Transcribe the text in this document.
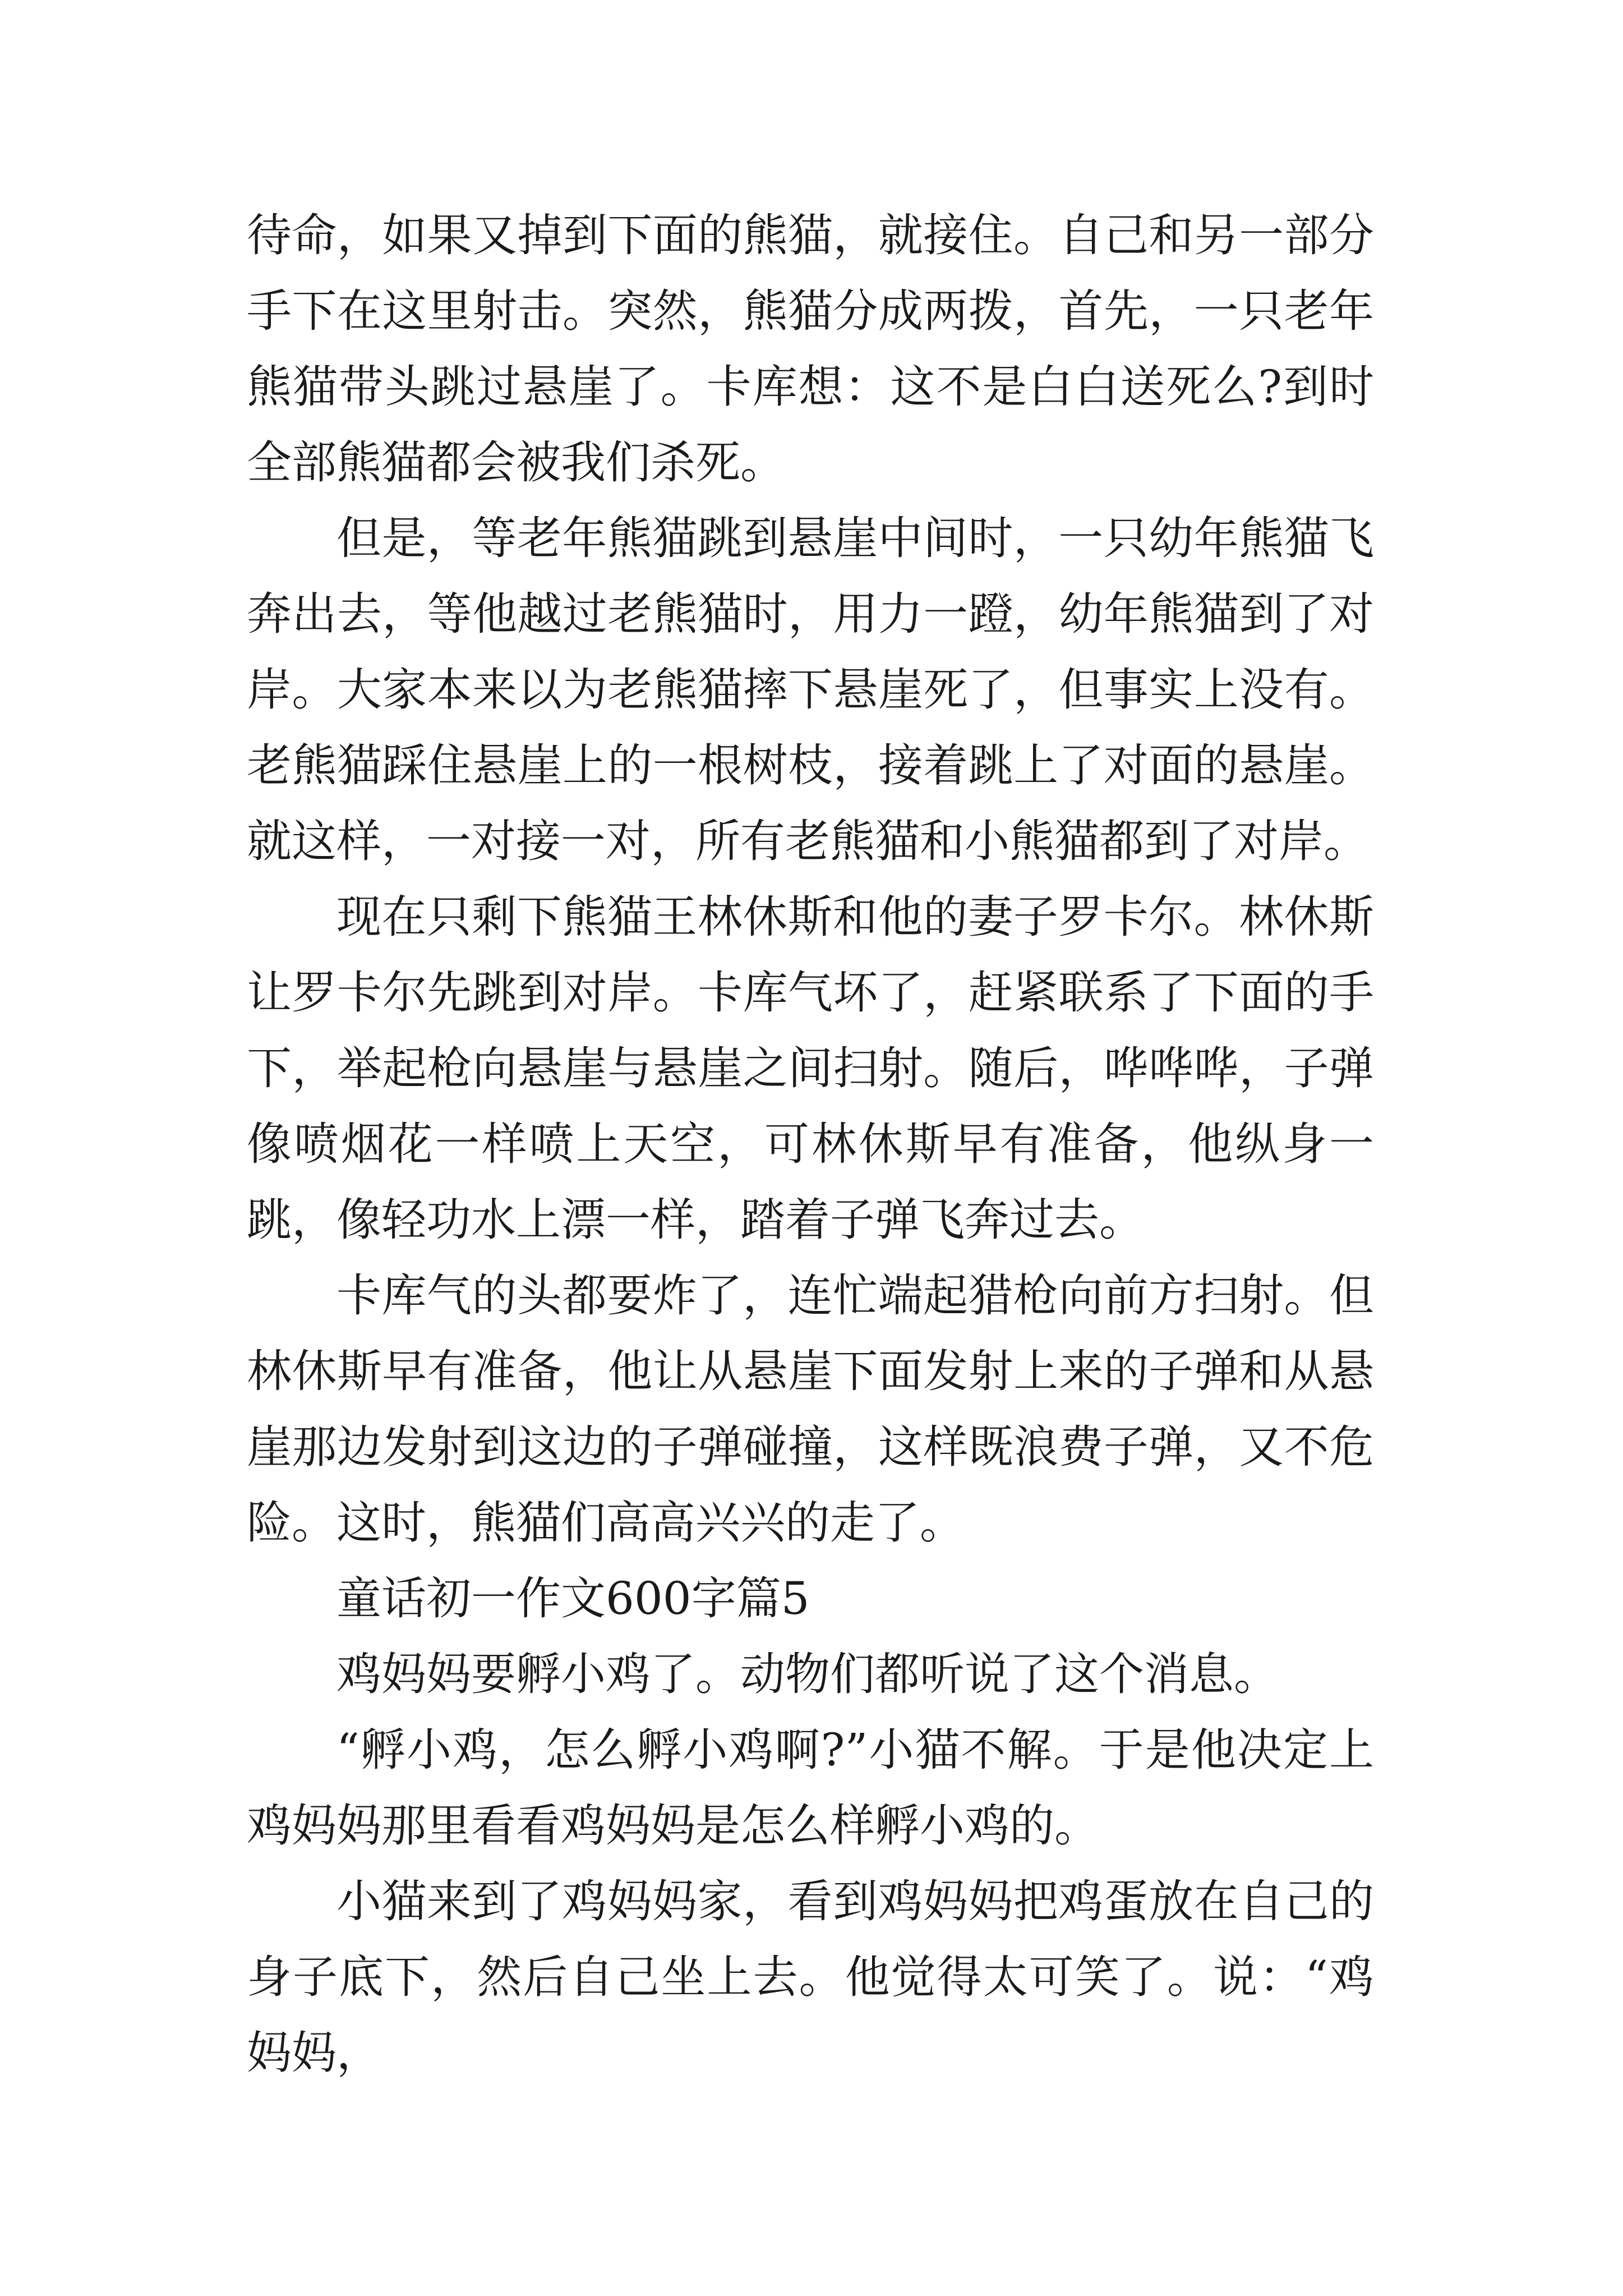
待命，如果又掉到下面的熊猫，就接住。自己和另一部分手下在这里射击。突然，熊猫分成两拨，首先，一只老年熊猫带头跳过悬崖了。卡库想：这不是白白送死么?到时全部熊猫都会被我们杀死。

但是，等老年熊猫跳到悬崖中间时，一只幼年熊猫飞奔出去，等他越过老熊猫时，用力一蹬，幼年熊猫到了对岸。大家本来以为老熊猫摔下悬崖死了，但事实上没有。老熊猫踩住悬崖上的一根树枝，接着跳上了对面的悬崖。就这样，一对接一对，所有老熊猫和小熊猫都到了对岸。

现在只剩下熊猫王林休斯和他的妻子罗卡尔。林休斯让罗卡尔先跳到对岸。卡库气坏了，赶紧联系了下面的手下，举起枪向悬崖与悬崖之间扫射。随后，哗哗哗，子弹像喷烟花一样喷上天空，可林休斯早有准备，他纵身一跳，像轻功水上漂一样，踏着子弹飞奔过去。

卡库气的头都要炸了，连忙端起猎枪向前方扫射。但林休斯早有准备，他让从悬崖下面发射上来的子弹和从悬崖那边发射到这边的子弹碰撞，这样既浪费子弹，又不危险。这时，熊猫们高高兴兴的走了。

童话初一作文600字篇5

鸡妈妈要孵小鸡了。动物们都听说了这个消息。

“孵小鸡，怎么孵小鸡啊?”小猫不解。于是他决定上鸡妈妈那里看看鸡妈妈是怎么样孵小鸡的。

小猫来到了鸡妈妈家，看到鸡妈妈把鸡蛋放在自己的身子底下，然后自己坐上去。他觉得太可笑了。说：“鸡妈妈，
